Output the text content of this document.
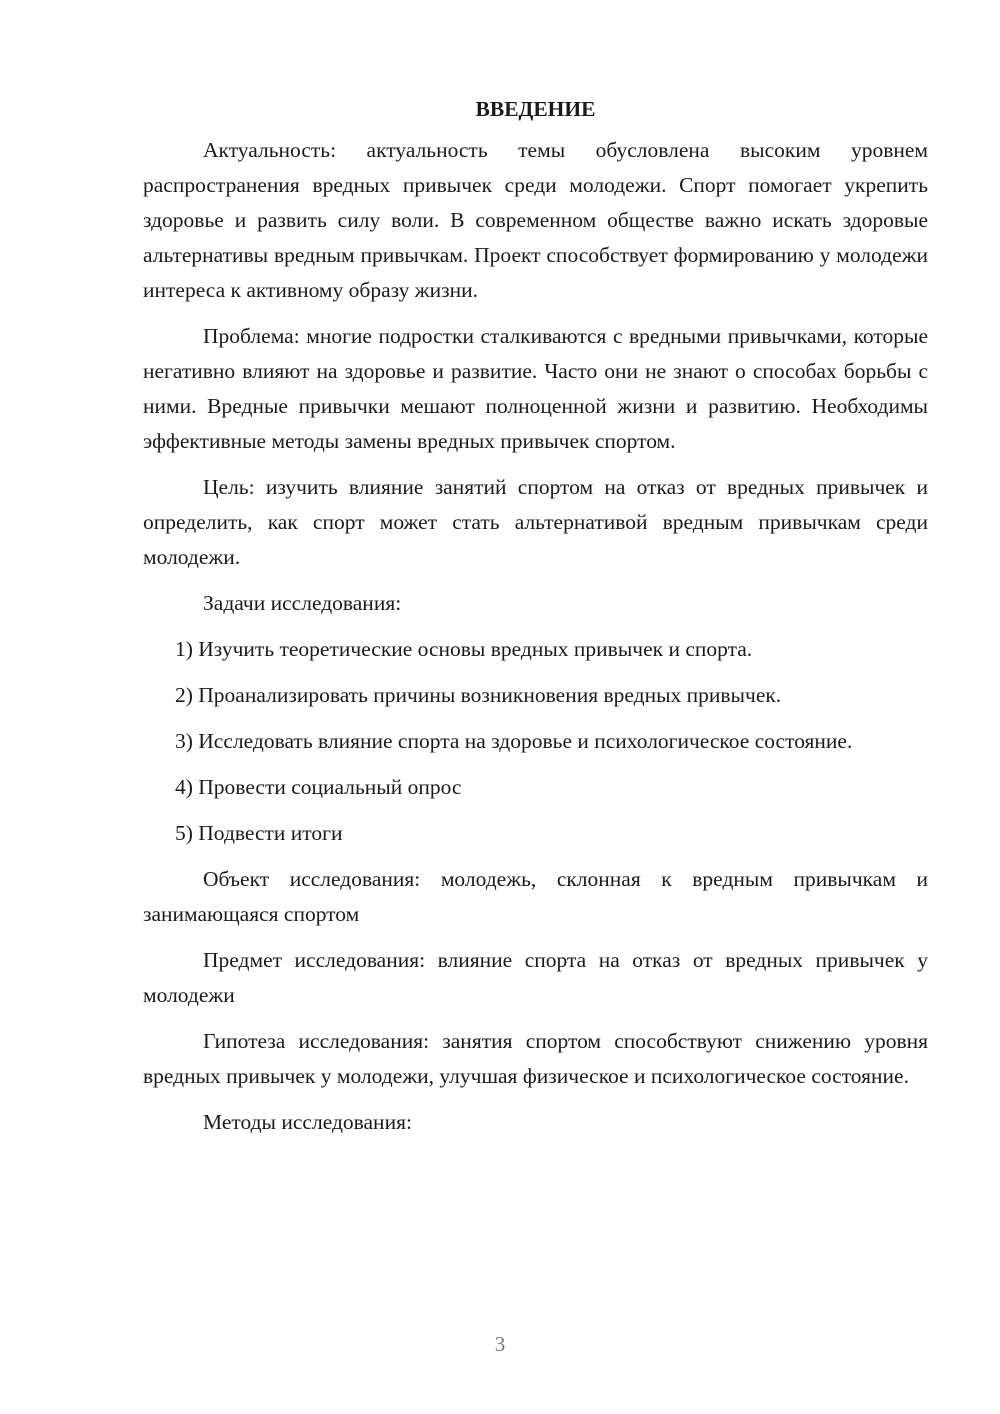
ВВЕДЕНИЕ

Актуальность: актуальность темы обусловлена высоким уровнем распространения вредных привычек среди молодежи. Спорт помогает укрепить здоровье и развить силу воли. В современном обществе важно искать здоровые альтернативы вредным привычкам. Проект способствует формированию у молодежи интереса к активному образу жизни.

Проблема: многие подростки сталкиваются с вредными привычками, которые негативно влияют на здоровье и развитие. Часто они не знают о способах борьбы с ними. Вредные привычки мешают полноценной жизни и развитию. Необходимы эффективные методы замены вредных привычек спортом.

Цель: изучить влияние занятий спортом на отказ от вредных привычек и определить, как спорт может стать альтернативой вредным привычкам среди молодежи.

Задачи исследования:

1) Изучить теоретические основы вредных привычек и спорта.

2) Проанализировать причины возникновения вредных привычек.

3) Исследовать влияние спорта на здоровье и психологическое состояние.

4) Провести социальный опрос

5) Подвести итоги

Объект исследования: молодежь, склонная к вредным привычкам и занимающаяся спортом

Предмет исследования: влияние спорта на отказ от вредных привычек у молодежи

Гипотеза исследования: занятия спортом способствуют снижению уровня вредных привычек у молодежи, улучшая физическое и психологическое состояние.

Методы исследования:

3
